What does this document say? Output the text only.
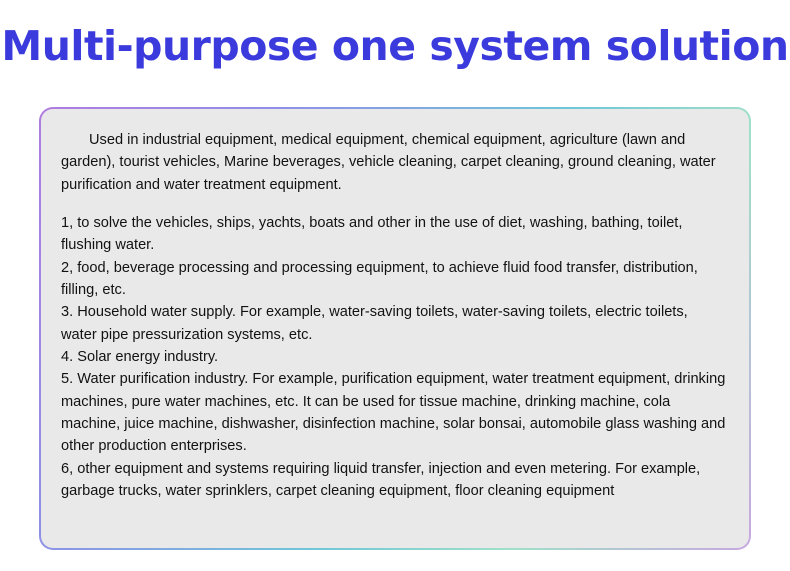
Multi-purpose one system solution

Used in industrial equipment, medical equipment, chemical equipment, agriculture (lawn and garden), tourist vehicles, Marine beverages, vehicle cleaning, carpet cleaning, ground cleaning, water purification and water treatment equipment.

1, to solve the vehicles, ships, yachts, boats and other in the use of diet, washing, bathing, toilet, flushing water.

2, food, beverage processing and processing equipment, to achieve fluid food transfer, distribution, filling, etc.

3. Household water supply. For example, water-saving toilets, water-saving toilets, electric toilets, water pipe pressurization systems, etc.

4. Solar energy industry.

5. Water purification industry. For example, purification equipment, water treatment equipment, drinking machines, pure water machines, etc. It can be used for tissue machine, drinking machine, cola machine, juice machine, dishwasher, disinfection machine, solar bonsai, automobile glass washing and other production enterprises.

6, other equipment and systems requiring liquid transfer, injection and even metering. For example, garbage trucks, water sprinklers, carpet cleaning equipment, floor cleaning equipment
